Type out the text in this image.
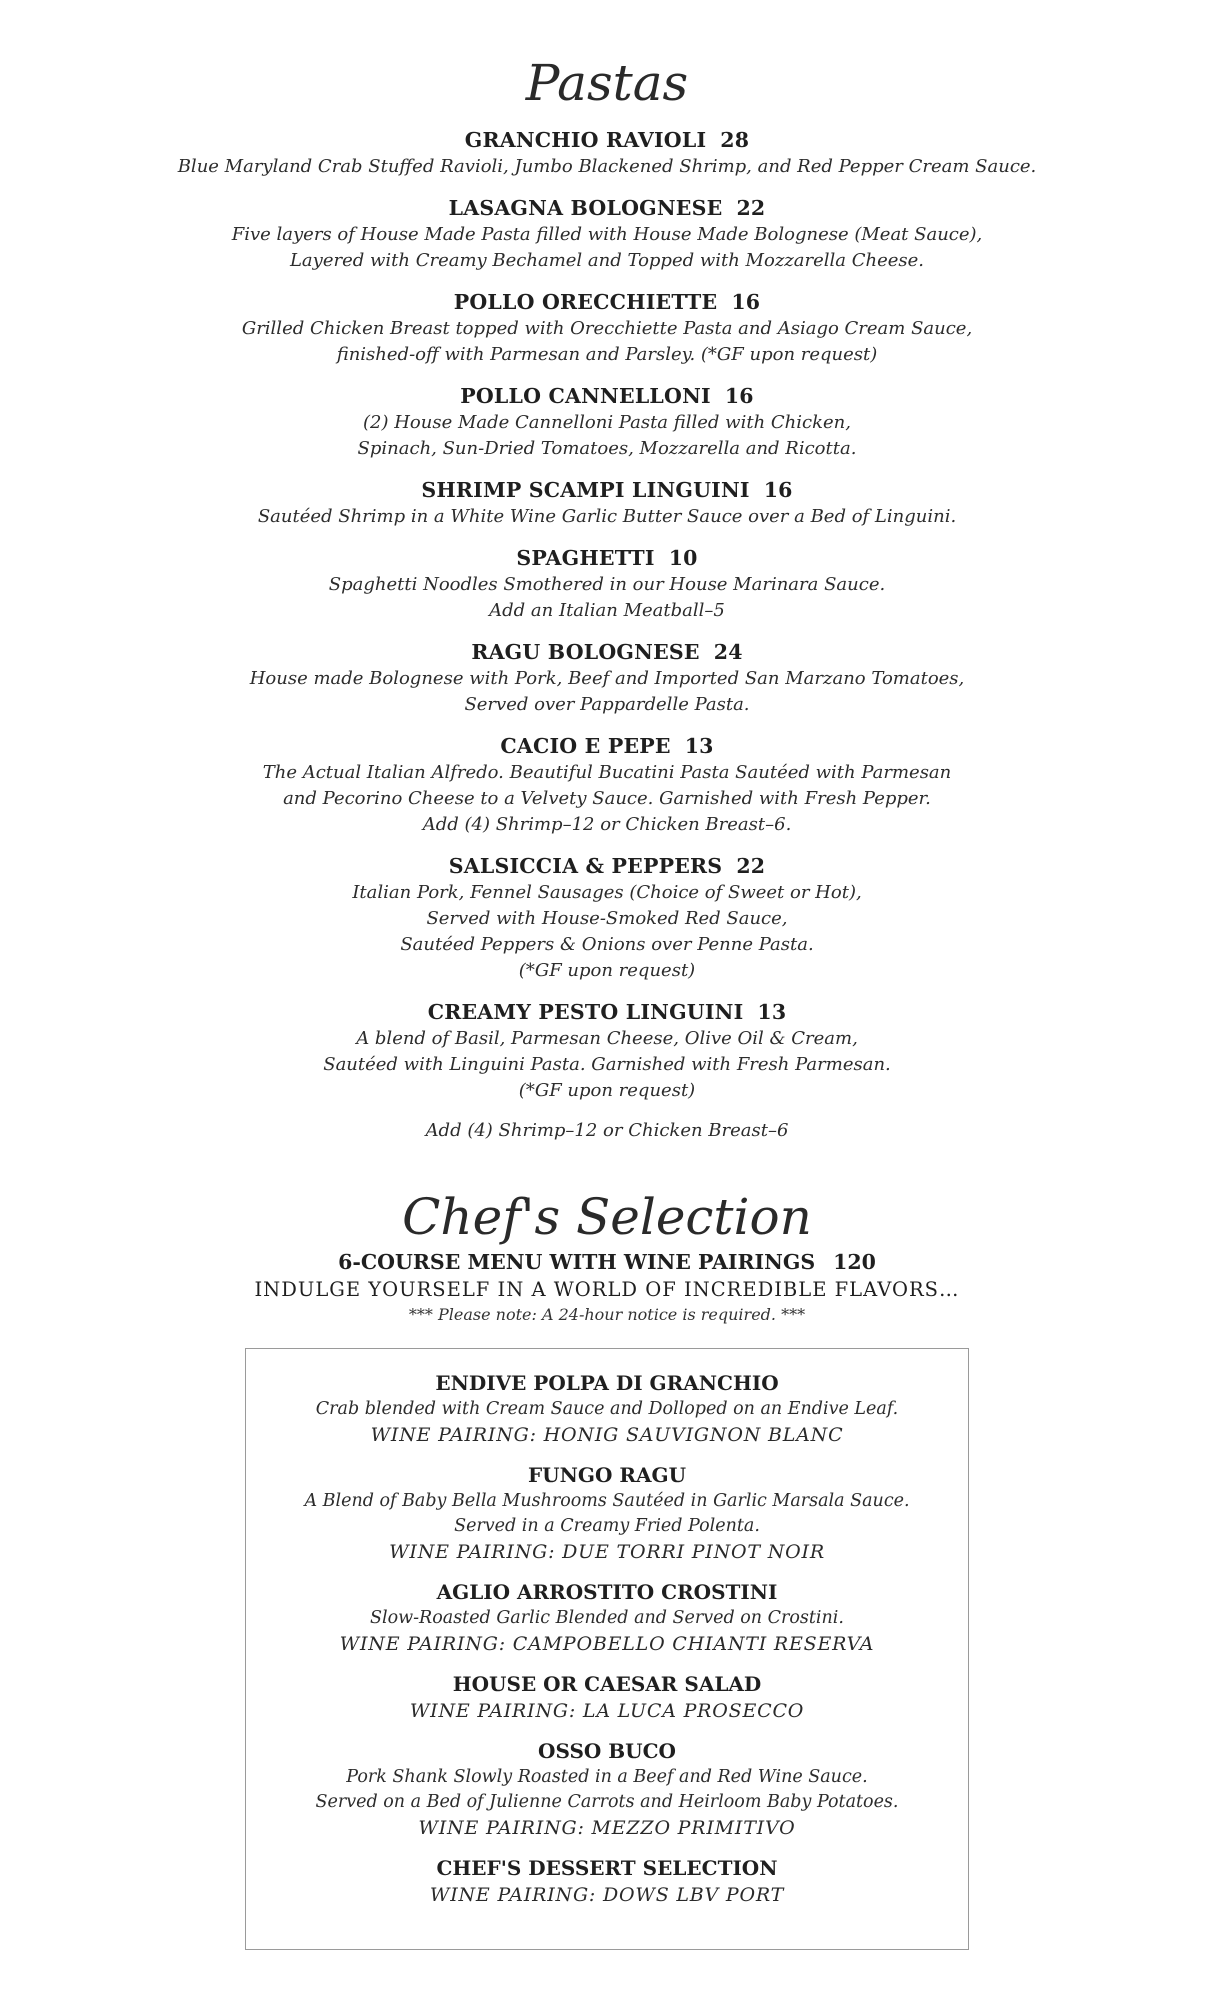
Pastas
GRANCHIO RAVIOLI 28
Blue Maryland Crab Stuffed Ravioli, Jumbo Blackened Shrimp, and Red Pepper Cream Sauce.
LASAGNA BOLOGNESE 22
Five layers of House Made Pasta filled with House Made Bolognese (Meat Sauce),
Layered with Creamy Bechamel and Topped with Mozzarella Cheese.
POLLO ORECCHIETTE 16
Grilled Chicken Breast topped with Orecchiette Pasta and Asiago Cream Sauce,
finished-off with Parmesan and Parsley. (*GF upon request)
POLLO CANNELLONI 16
(2) House Made Cannelloni Pasta filled with Chicken,
Spinach, Sun-Dried Tomatoes, Mozzarella and Ricotta.
SHRIMP SCAMPI LINGUINI 16
Sautéed Shrimp in a White Wine Garlic Butter Sauce over a Bed of Linguini.
SPAGHETTI 10
Spaghetti Noodles Smothered in our House Marinara Sauce.
Add an Italian Meatball–5
RAGU BOLOGNESE 24
House made Bolognese with Pork, Beef and Imported San Marzano Tomatoes,
Served over Pappardelle Pasta.
CACIO E PEPE 13
The Actual Italian Alfredo. Beautiful Bucatini Pasta Sautéed with Parmesan
and Pecorino Cheese to a Velvety Sauce. Garnished with Fresh Pepper.
Add (4) Shrimp–12 or Chicken Breast–6.
SALSICCIA & PEPPERS 22
Italian Pork, Fennel Sausages (Choice of Sweet or Hot),
Served with House-Smoked Red Sauce,
Sautéed Peppers & Onions over Penne Pasta.
(*GF upon request)
CREAMY PESTO LINGUINI 13
A blend of Basil, Parmesan Cheese, Olive Oil & Cream,
Sautéed with Linguini Pasta. Garnished with Fresh Parmesan.
(*GF upon request)
Add (4) Shrimp–12 or Chicken Breast–6
Chef's Selection
6-COURSE MENU WITH WINE PAIRINGS 120
INDULGE YOURSELF IN A WORLD OF INCREDIBLE FLAVORS…
*** Please note: A 24-hour notice is required. ***
ENDIVE POLPA DI GRANCHIO
Crab blended with Cream Sauce and Dolloped on an Endive Leaf.
WINE PAIRING: HONIG SAUVIGNON BLANC
FUNGO RAGU
A Blend of Baby Bella Mushrooms Sautéed in Garlic Marsala Sauce.
Served in a Creamy Fried Polenta.
WINE PAIRING: DUE TORRI PINOT NOIR
AGLIO ARROSTITO CROSTINI
Slow-Roasted Garlic Blended and Served on Crostini.
WINE PAIRING: CAMPOBELLO CHIANTI RESERVA
HOUSE OR CAESAR SALAD
WINE PAIRING: LA LUCA PROSECCO
OSSO BUCO
Pork Shank Slowly Roasted in a Beef and Red Wine Sauce.
Served on a Bed of Julienne Carrots and Heirloom Baby Potatoes.
WINE PAIRING: MEZZO PRIMITIVO
CHEF'S DESSERT SELECTION
WINE PAIRING: DOWS LBV PORT
